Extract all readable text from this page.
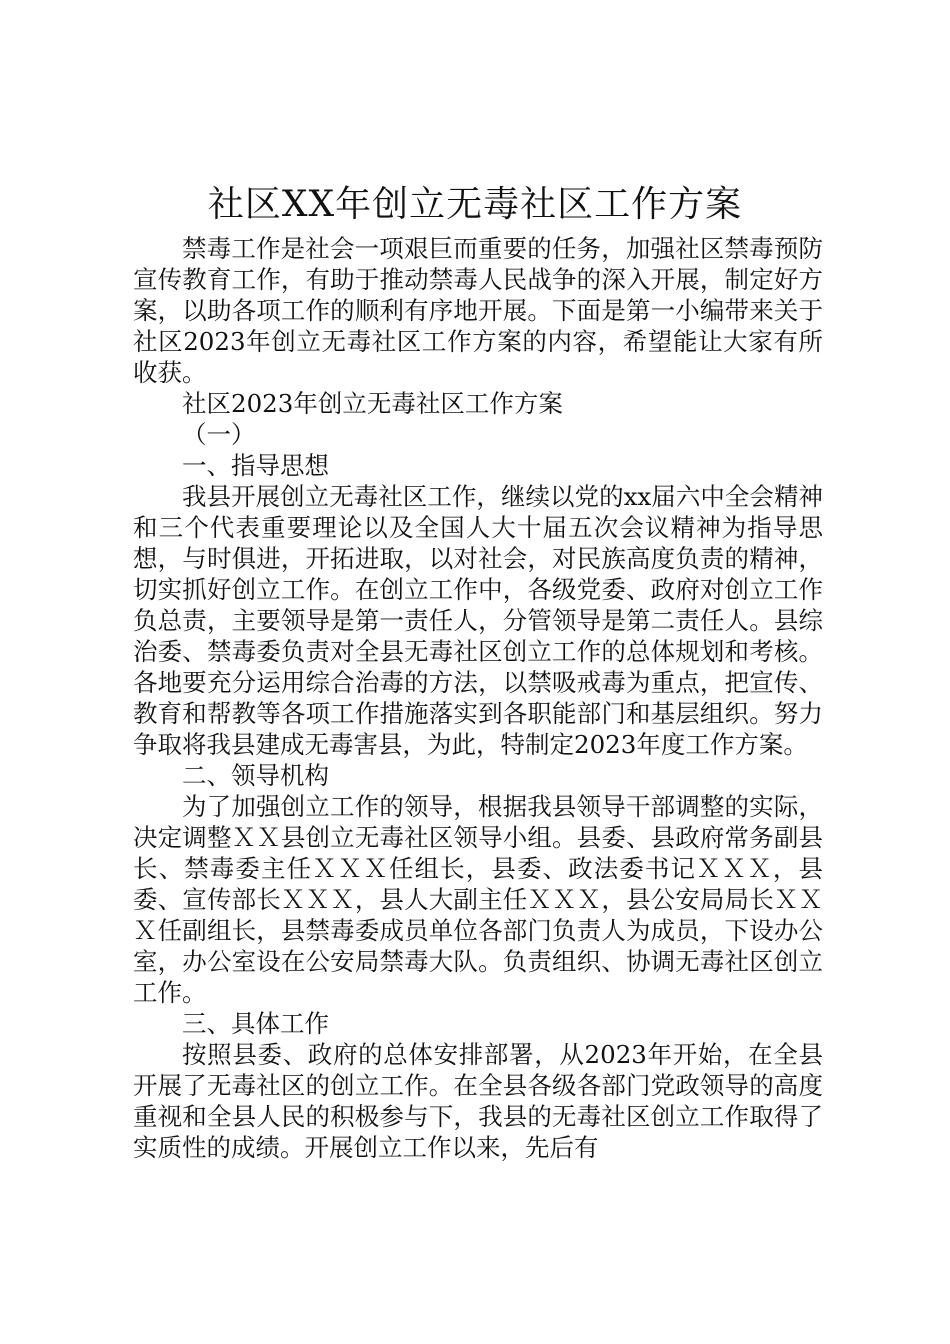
社区XX年创立无毒社区工作方案

禁毒工作是社会一项艰巨而重要的任务，加强社区禁毒预防宣传教育工作，有助于推动禁毒人民战争的深入开展，制定好方案，以助各项工作的顺利有序地开展。下面是第一小编带来关于社区2023年创立无毒社区工作方案的内容，希望能让大家有所收获。

社区2023年创立无毒社区工作方案

（一）

一、指导思想

我县开展创立无毒社区工作，继续以党的xx届六中全会精神和三个代表重要理论以及全国人大十届五次会议精神为指导思想，与时俱进，开拓进取，以对社会，对民族高度负责的精神，切实抓好创立工作。在创立工作中，各级党委、政府对创立工作负总责，主要领导是第一责任人，分管领导是第二责任人。县综治委、禁毒委负责对全县无毒社区创立工作的总体规划和考核。各地要充分运用综合治毒的方法，以禁吸戒毒为重点，把宣传、教育和帮教等各项工作措施落实到各职能部门和基层组织。努力争取将我县建成无毒害县，为此，特制定2023年度工作方案。

二、领导机构

为了加强创立工作的领导，根据我县领导干部调整的实际，决定调整ＸＸ县创立无毒社区领导小组。县委、县政府常务副县长、禁毒委主任ＸＸＸ任组长，县委、政法委书记ＸＸＸ，县委、宣传部长ＸＸＸ，县人大副主任ＸＸＸ，县公安局局长ＸＸＸ任副组长，县禁毒委成员单位各部门负责人为成员，下设办公室，办公室设在公安局禁毒大队。负责组织、协调无毒社区创立工作。

三、具体工作

按照县委、政府的总体安排部署，从2023年开始，在全县开展了无毒社区的创立工作。在全县各级各部门党政领导的高度重视和全县人民的积极参与下，我县的无毒社区创立工作取得了实质性的成绩。开展创立工作以来，先后有
